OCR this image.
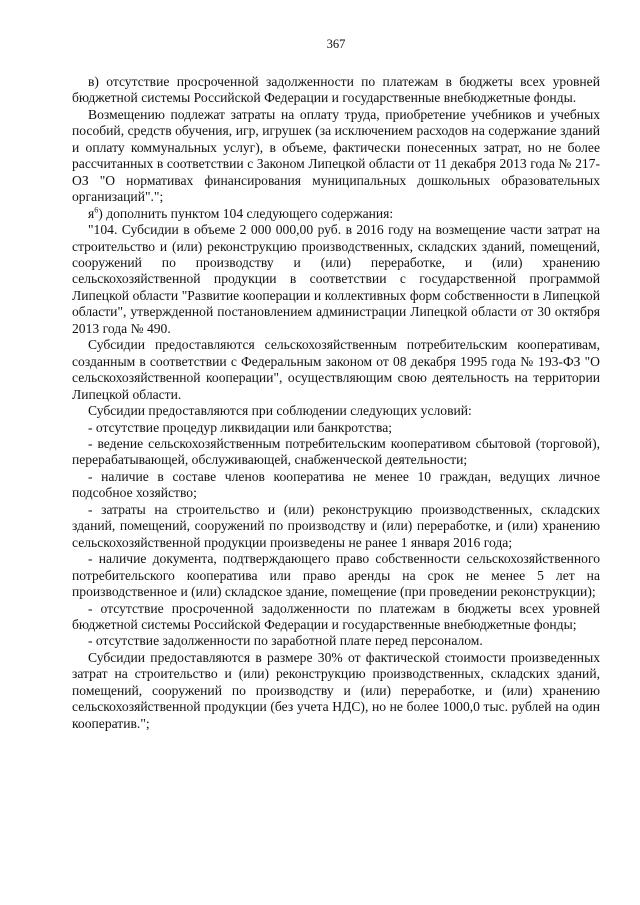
367

в) отсутствие просроченной задолженности по платежам в бюджеты всех уровней бюджетной системы Российской Федерации и государственные внебюджетные фонды.

Возмещению подлежат затраты на оплату труда, приобретение учебников и учебных пособий, средств обучения, игр, игрушек (за исключением расходов на содержание зданий и оплату коммунальных услуг), в объеме, фактически понесенных затрат, но не более рассчитанных в соответствии с Законом Липецкой области от 11 декабря 2013 года № 217-ОЗ "О нормативах финансирования муниципальных дошкольных образовательных организаций".";

$я^6$) дополнить пунктом 104 следующего содержания:

"104. Субсидии в объеме 2 000 000,00 руб. в 2016 году на возмещение части затрат на строительство и (или) реконструкцию производственных, складских зданий, помещений, сооружений по производству и (или) переработке, и (или) хранению сельскохозяйственной продукции в соответствии с государственной программой Липецкой области "Развитие кооперации и коллективных форм собственности в Липецкой области", утвержденной постановлением администрации Липецкой области от 30 октября 2013 года № 490.

Субсидии предоставляются сельскохозяйственным потребительским кооперативам, созданным в соответствии с Федеральным законом от 08 декабря 1995 года № 193-ФЗ "О сельскохозяйственной кооперации", осуществляющим свою деятельность на территории Липецкой области.

Субсидии предоставляются при соблюдении следующих условий:

- отсутствие процедур ликвидации или банкротства;

- ведение сельскохозяйственным потребительским кооперативом сбытовой (торговой), перерабатывающей, обслуживающей, снабженческой деятельности;

- наличие в составе членов кооператива не менее 10 граждан, ведущих личное подсобное хозяйство;

- затраты на строительство и (или) реконструкцию производственных, складских зданий, помещений, сооружений по производству и (или) переработке, и (или) хранению сельскохозяйственной продукции произведены не ранее 1 января 2016 года;

- наличие документа, подтверждающего право собственности сельскохозяйственного потребительского кооператива или право аренды на срок не менее 5 лет на производственное и (или) складское здание, помещение (при проведении реконструкции);

- отсутствие просроченной задолженности по платежам в бюджеты всех уровней бюджетной системы Российской Федерации и государственные внебюджетные фонды;

- отсутствие задолженности по заработной плате перед персоналом.

Субсидии предоставляются в размере 30% от фактической стоимости произведенных затрат на строительство и (или) реконструкцию производственных, складских зданий, помещений, сооружений по производству и (или) переработке, и (или) хранению сельскохозяйственной продукции (без учета НДС), но не более 1000,0 тыс. рублей на один кооператив.";
